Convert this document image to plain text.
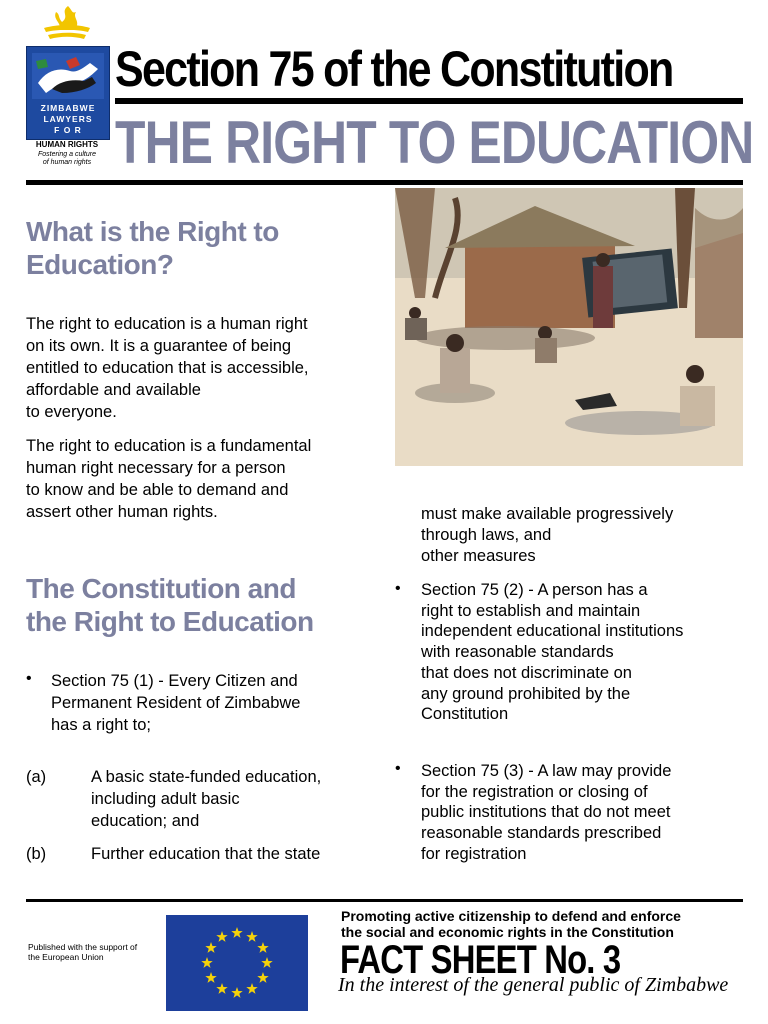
ZIMBABWE
LAWYERS
F O R
HUMAN RIGHTS
Fostering a culture
of human rights
Section 75 of the Constitution
THE RIGHT TO EDUCATION
What is the Right to
Education?
The right to education is a human right
on its own. It is a guarantee of being
entitled to education that is accessible,
affordable and available
to everyone.
The right to education is a fundamental
human right necessary for a person
to know and be able to demand and
assert other human rights.
The Constitution and
the Right to Education
• Section 75 (1) - Every Citizen and
Permanent Resident of Zimbabwe
has a right to;
(a)	A basic state-funded education,
including adult basic
education; and
(b)	Further education that the state
must make available progressively
through laws, and
other measures
• Section 75 (2) - A person has a
right to establish and maintain
independent educational institutions
with reasonable standards
that does not discriminate on
any ground prohibited by the
Constitution
• Section 75 (3) - A law may provide
for the registration or closing of
public institutions that do not meet
reasonable standards prescribed
for registration
Published with the support of
the European Union
Promoting active citizenship to defend and enforce
the social and economic rights in the Constitution
FACT SHEET No. 3
In the interest of the general public of Zimbabwe
